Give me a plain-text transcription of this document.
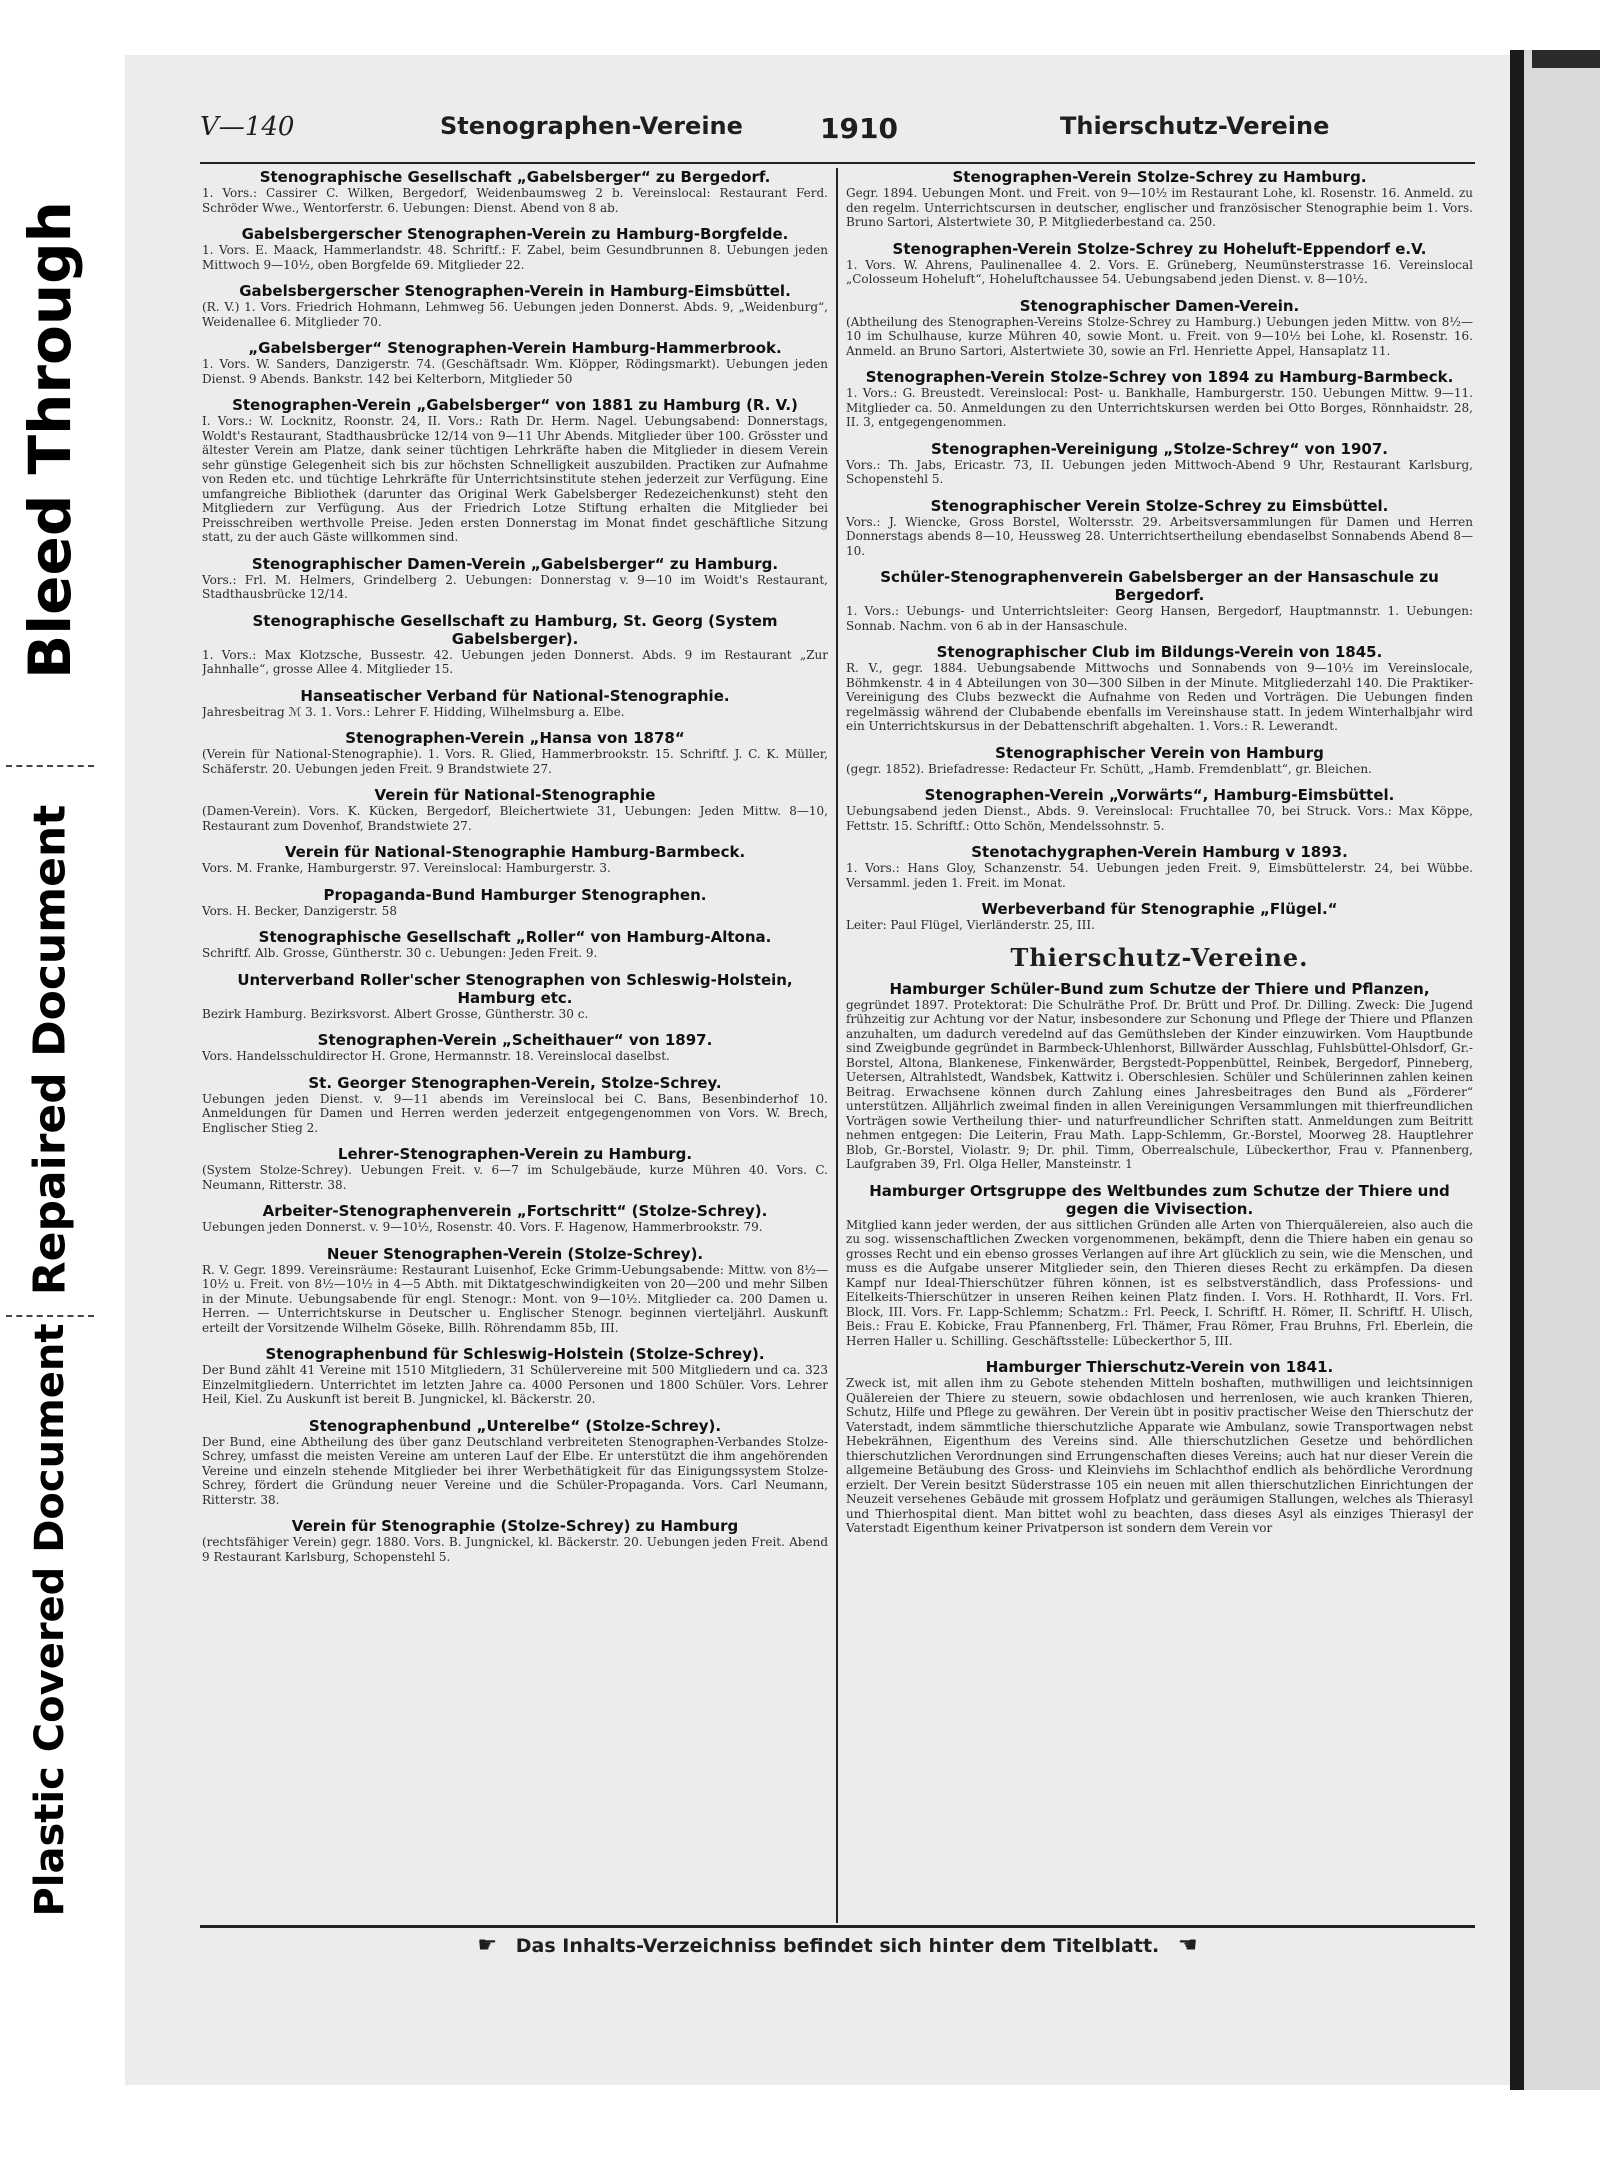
Bleed Through
Repaired Document
Plastic Covered Document
V—140	Stenographen-Vereine	1910	Thierschutz-Vereine
Stenographische Gesellschaft „Gabelsberger“ zu Bergedorf.
1. Vors.: Cassirer C. Wilken, Bergedorf, Weidenbaumsweg 2 b. Vereinslocal: Restaurant Ferd. Schröder Wwe., Wentorferstr. 6. Uebungen: Dienst. Abend von 8 ab.
Gabelsbergerscher Stenographen-Verein zu Hamburg-Borgfelde.
1. Vors. E. Maack, Hammerlandstr. 48. Schriftf.: F. Zabel, beim Gesundbrunnen 8. Uebungen jeden Mittwoch 9—10½, oben Borgfelde 69. Mitglieder 22.
Gabelsbergerscher Stenographen-Verein in Hamburg-Eimsbüttel.
(R. V.) 1. Vors. Friedrich Hohmann, Lehmweg 56. Uebungen jeden Donnerst. Abds. 9, „Weidenburg“, Weidenallee 6. Mitglieder 70.
„Gabelsberger“ Stenographen-Verein Hamburg-Hammerbrook.
1. Vors. W. Sanders, Danzigerstr. 74. (Geschäftsadr. Wm. Klöpper, Rödingsmarkt). Uebungen jeden Dienst. 9 Abends. Bankstr. 142 bei Kelterborn, Mitglieder 50
Stenographen-Verein „Gabelsberger“ von 1881 zu Hamburg (R. V.)
I. Vors.: W. Locknitz, Roonstr. 24, II. Vors.: Rath Dr. Herm. Nagel. Uebungsabend: Donnerstags, Woldt's Restaurant, Stadthausbrücke 12/14 von 9—11 Uhr Abends. Mitglieder über 100. Grösster und ältester Verein am Platze, dank seiner tüchtigen Lehrkräfte haben die Mitglieder in diesem Verein sehr günstige Gelegenheit sich bis zur höchsten Schnelligkeit auszubilden. Practiken zur Aufnahme von Reden etc. und tüchtige Lehrkräfte für Unterrichtsinstitute stehen jederzeit zur Verfügung. Eine umfangreiche Bibliothek (darunter das Original Werk Gabelsberger Redezeichenkunst) steht den Mitgliedern zur Verfügung. Aus der Friedrich Lotze Stiftung erhalten die Mitglieder bei Preisschreiben werthvolle Preise. Jeden ersten Donnerstag im Monat findet geschäftliche Sitzung statt, zu der auch Gäste willkommen sind.
Stenographischer Damen-Verein „Gabelsberger“ zu Hamburg.
Vors.: Frl. M. Helmers, Grindelberg 2. Uebungen: Donnerstag v. 9—10 im Woidt's Restaurant, Stadthausbrücke 12/14.
Stenographische Gesellschaft zu Hamburg, St. Georg (System Gabelsberger).
1. Vors.: Max Klotzsche, Bussestr. 42. Uebungen jeden Donnerst. Abds. 9 im Restaurant „Zur Jahnhalle“, grosse Allee 4. Mitglieder 15.
Hanseatischer Verband für National-Stenographie.
Jahresbeitrag ℳ 3. 1. Vors.: Lehrer F. Hidding, Wilhelmsburg a. Elbe.
Stenographen-Verein „Hansa von 1878“
(Verein für National-Stenographie). 1. Vors. R. Glied, Hammerbrookstr. 15. Schriftf. J. C. K. Müller, Schäferstr. 20. Uebungen jeden Freit. 9 Brandstwiete 27.
Verein für National-Stenographie
(Damen-Verein). Vors. K. Kücken, Bergedorf, Bleichertwiete 31, Uebungen: Jeden Mittw. 8—10, Restaurant zum Dovenhof, Brandstwiete 27.
Verein für National-Stenographie Hamburg-Barmbeck.
Vors. M. Franke, Hamburgerstr. 97. Vereinslocal: Hamburgerstr. 3.
Propaganda-Bund Hamburger Stenographen.
Vors. H. Becker, Danzigerstr. 58
Stenographische Gesellschaft „Roller“ von Hamburg-Altona.
Schriftf. Alb. Grosse, Güntherstr. 30 c. Uebungen: Jeden Freit. 9.
Unterverband Roller'scher Stenographen von Schleswig-Holstein, Hamburg etc.
Bezirk Hamburg. Bezirksvorst. Albert Grosse, Güntherstr. 30 c.
Stenographen-Verein „Scheithauer“ von 1897.
Vors. Handelsschuldirector H. Grone, Hermannstr. 18. Vereinslocal daselbst.
St. Georger Stenographen-Verein, Stolze-Schrey.
Uebungen jeden Dienst. v. 9—11 abends im Vereinslocal bei C. Bans, Besenbinderhof 10. Anmeldungen für Damen und Herren werden jederzeit entgegengenommen von Vors. W. Brech, Englischer Stieg 2.
Lehrer-Stenographen-Verein zu Hamburg.
(System Stolze-Schrey). Uebungen Freit. v. 6—7 im Schulgebäude, kurze Mühren 40. Vors. C. Neumann, Ritterstr. 38.
Arbeiter-Stenographenverein „Fortschritt“ (Stolze-Schrey).
Uebungen jeden Donnerst. v. 9—10½, Rosenstr. 40. Vors. F. Hagenow, Hammerbrookstr. 79.
Neuer Stenographen-Verein (Stolze-Schrey).
R. V. Gegr. 1899. Vereinsräume: Restaurant Luisenhof, Ecke Grimm-Uebungsabende: Mittw. von 8½—10½ u. Freit. von 8½—10½ in 4—5 Abth. mit Diktatgeschwindigkeiten von 20—200 und mehr Silben in der Minute. Uebungsabende für engl. Stenogr.: Mont. von 9—10½. Mitglieder ca. 200 Damen u. Herren. — Unterrichtskurse in Deutscher u. Englischer Stenogr. beginnen vierteljährl. Auskunft erteilt der Vorsitzende Wilhelm Göseke, Billh. Röhrendamm 85b, III.
Stenographenbund für Schleswig-Holstein (Stolze-Schrey).
Der Bund zählt 41 Vereine mit 1510 Mitgliedern, 31 Schülervereine mit 500 Mitgliedern und ca. 323 Einzelmitgliedern. Unterrichtet im letzten Jahre ca. 4000 Personen und 1800 Schüler. Vors. Lehrer Heil, Kiel. Zu Auskunft ist bereit B. Jungnickel, kl. Bäckerstr. 20.
Stenographenbund „Unterelbe“ (Stolze-Schrey).
Der Bund, eine Abtheilung des über ganz Deutschland verbreiteten Stenographen-Verbandes Stolze-Schrey, umfasst die meisten Vereine am unteren Lauf der Elbe. Er unterstützt die ihm angehörenden Vereine und einzeln stehende Mitglieder bei ihrer Werbethätigkeit für das Einigungssystem Stolze-Schrey, fördert die Gründung neuer Vereine und die Schüler-Propaganda. Vors. Carl Neumann, Ritterstr. 38.
Verein für Stenographie (Stolze-Schrey) zu Hamburg
(rechtsfähiger Verein) gegr. 1880. Vors. B. Jungnickel, kl. Bäckerstr. 20. Uebungen jeden Freit. Abend 9 Restaurant Karlsburg, Schopenstehl 5.
Stenographen-Verein Stolze-Schrey zu Hamburg.
Gegr. 1894. Uebungen Mont. und Freit. von 9—10½ im Restaurant Lohe, kl. Rosenstr. 16. Anmeld. zu den regelm. Unterrichtscursen in deutscher, englischer und französischer Stenographie beim 1. Vors. Bruno Sartori, Alstertwiete 30, P. Mitgliederbestand ca. 250.
Stenographen-Verein Stolze-Schrey zu Hoheluft-Eppendorf e.V.
1. Vors. W. Ahrens, Paulinenallee 4. 2. Vors. E. Grüneberg, Neumünsterstrasse 16. Vereinslocal „Colosseum Hoheluft“, Hoheluftchaussee 54. Uebungsabend jeden Dienst. v. 8—10½.
Stenographischer Damen-Verein.
(Abtheilung des Stenographen-Vereins Stolze-Schrey zu Hamburg.) Uebungen jeden Mittw. von 8½—10 im Schulhause, kurze Mühren 40, sowie Mont. u. Freit. von 9—10½ bei Lohe, kl. Rosenstr. 16. Anmeld. an Bruno Sartori, Alstertwiete 30, sowie an Frl. Henriette Appel, Hansaplatz 11.
Stenographen-Verein Stolze-Schrey von 1894 zu Hamburg-Barmbeck.
1. Vors.: G. Breustedt. Vereinslocal: Post- u. Bankhalle, Hamburgerstr. 150. Uebungen Mittw. 9—11. Mitglieder ca. 50. Anmeldungen zu den Unterrichtskursen werden bei Otto Borges, Rönnhaidstr. 28, II. 3, entgegengenommen.
Stenographen-Vereinigung „Stolze-Schrey“ von 1907.
Vors.: Th. Jabs, Ericastr. 73, II. Uebungen jeden Mittwoch-Abend 9 Uhr, Restaurant Karlsburg, Schopenstehl 5.
Stenographischer Verein Stolze-Schrey zu Eimsbüttel.
Vors.: J. Wiencke, Gross Borstel, Woltersstr. 29. Arbeitsversammlungen für Damen und Herren Donnerstags abends 8—10, Heussweg 28. Unterrichtsertheilung ebendaselbst Sonnabends Abend 8—10.
Schüler-Stenographenverein Gabelsberger an der Hansaschule zu Bergedorf.
1. Vors.: Uebungs- und Unterrichtsleiter: Georg Hansen, Bergedorf, Hauptmannstr. 1. Uebungen: Sonnab. Nachm. von 6 ab in der Hansaschule.
Stenographischer Club im Bildungs-Verein von 1845.
R. V., gegr. 1884. Uebungsabende Mittwochs und Sonnabends von 9—10½ im Vereinslocale, Böhmkenstr. 4 in 4 Abteilungen von 30—300 Silben in der Minute. Mitgliederzahl 140. Die Praktiker-Vereinigung des Clubs bezweckt die Aufnahme von Reden und Vorträgen. Die Uebungen finden regelmässig während der Clubabende ebenfalls im Vereinshause statt. In jedem Winterhalbjahr wird ein Unterrichtskursus in der Debattenschrift abgehalten. 1. Vors.: R. Lewerandt.
Stenographischer Verein von Hamburg
(gegr. 1852). Briefadresse: Redacteur Fr. Schütt, „Hamb. Fremdenblatt“, gr. Bleichen.
Stenographen-Verein „Vorwärts“, Hamburg-Eimsbüttel.
Uebungsabend jeden Dienst., Abds. 9. Vereinslocal: Fruchtallee 70, bei Struck. Vors.: Max Köppe, Fettstr. 15. Schriftf.: Otto Schön, Mendelssohnstr. 5.
Stenotachygraphen-Verein Hamburg v 1893.
1. Vors.: Hans Gloy, Schanzenstr. 54. Uebungen jeden Freit. 9, Eimsbüttelerstr. 24, bei Wübbe. Versamml. jeden 1. Freit. im Monat.
Werbeverband für Stenographie „Flügel.“
Leiter: Paul Flügel, Vierländerstr. 25, III.
Thierschutz-Vereine.
Hamburger Schüler-Bund zum Schutze der Thiere und Pflanzen,
gegründet 1897. Protektorat: Die Schulräthe Prof. Dr. Brütt und Prof. Dr. Dilling. Zweck: Die Jugend frühzeitig zur Achtung vor der Natur, insbesondere zur Schonung und Pflege der Thiere und Pflanzen anzuhalten, um dadurch veredelnd auf das Gemüthsleben der Kinder einzuwirken. Vom Hauptbunde sind Zweigbunde gegründet in Barmbeck-Uhlenhorst, Billwärder Ausschlag, Fuhlsbüttel-Ohlsdorf, Gr.-Borstel, Altona, Blankenese, Finkenwärder, Bergstedt-Poppenbüttel, Reinbek, Bergedorf, Pinneberg, Uetersen, Altrahlstedt, Wandsbek, Kattwitz i. Oberschlesien. Schüler und Schülerinnen zahlen keinen Beitrag. Erwachsene können durch Zahlung eines Jahresbeitrages den Bund als „Förderer“ unterstützen. Alljährlich zweimal finden in allen Vereinigungen Versammlungen mit thierfreundlichen Vorträgen sowie Vertheilung thier- und naturfreundlicher Schriften statt. Anmeldungen zum Beitritt nehmen entgegen: Die Leiterin, Frau Math. Lapp-Schlemm, Gr.-Borstel, Moorweg 28. Hauptlehrer Blob, Gr.-Borstel, Violastr. 9; Dr. phil. Timm, Oberrealschule, Lübeckerthor, Frau v. Pfannenberg, Laufgraben 39, Frl. Olga Heller, Mansteinstr. 1
Hamburger Ortsgruppe des Weltbundes zum Schutze der Thiere und gegen die Vivisection.
Mitglied kann jeder werden, der aus sittlichen Gründen alle Arten von Thierquälereien, also auch die zu sog. wissenschaftlichen Zwecken vorgenommenen, bekämpft, denn die Thiere haben ein genau so grosses Recht und ein ebenso grosses Verlangen auf ihre Art glücklich zu sein, wie die Menschen, und muss es die Aufgabe unserer Mitglieder sein, den Thieren dieses Recht zu erkämpfen. Da diesen Kampf nur Ideal-Thierschützer führen können, ist es selbstverständlich, dass Professions- und Eitelkeits-Thierschützer in unseren Reihen keinen Platz finden. I. Vors. H. Rothhardt, II. Vors. Frl. Block, III. Vors. Fr. Lapp-Schlemm; Schatzm.: Frl. Peeck, I. Schriftf. H. Römer, II. Schriftf. H. Ulisch, Beis.: Frau E. Kobicke, Frau Pfannenberg, Frl. Thämer, Frau Römer, Frau Bruhns, Frl. Eberlein, die Herren Haller u. Schilling. Geschäftsstelle: Lübeckerthor 5, III.
Hamburger Thierschutz-Verein von 1841.
Zweck ist, mit allen ihm zu Gebote stehenden Mitteln boshaften, muthwilligen und leichtsinnigen Quälereien der Thiere zu steuern, sowie obdachlosen und herrenlosen, wie auch kranken Thieren, Schutz, Hilfe und Pflege zu gewähren. Der Verein übt in positiv practischer Weise den Thierschutz der Vaterstadt, indem sämmtliche thierschutzliche Apparate wie Ambulanz, sowie Transportwagen nebst Hebekrähnen, Eigenthum des Vereins sind. Alle thierschutzlichen Gesetze und behördlichen thierschutzlichen Verordnungen sind Errungenschaften dieses Vereins; auch hat nur dieser Verein die allgemeine Betäubung des Gross- und Kleinviehs im Schlachthof endlich als behördliche Verordnung erzielt. Der Verein besitzt Süderstrasse 105 ein neuen mit allen thierschutzlichen Einrichtungen der Neuzeit versehenes Gebäude mit grossem Hofplatz und geräumigen Stallungen, welches als Thierasyl und Thierhospital dient. Man bittet wohl zu beachten, dass dieses Asyl als einziges Thierasyl der Vaterstadt Eigenthum keiner Privatperson ist sondern dem Verein vor
☛ Das Inhalts-Verzeichniss befindet sich hinter dem Titelblatt. ☚
